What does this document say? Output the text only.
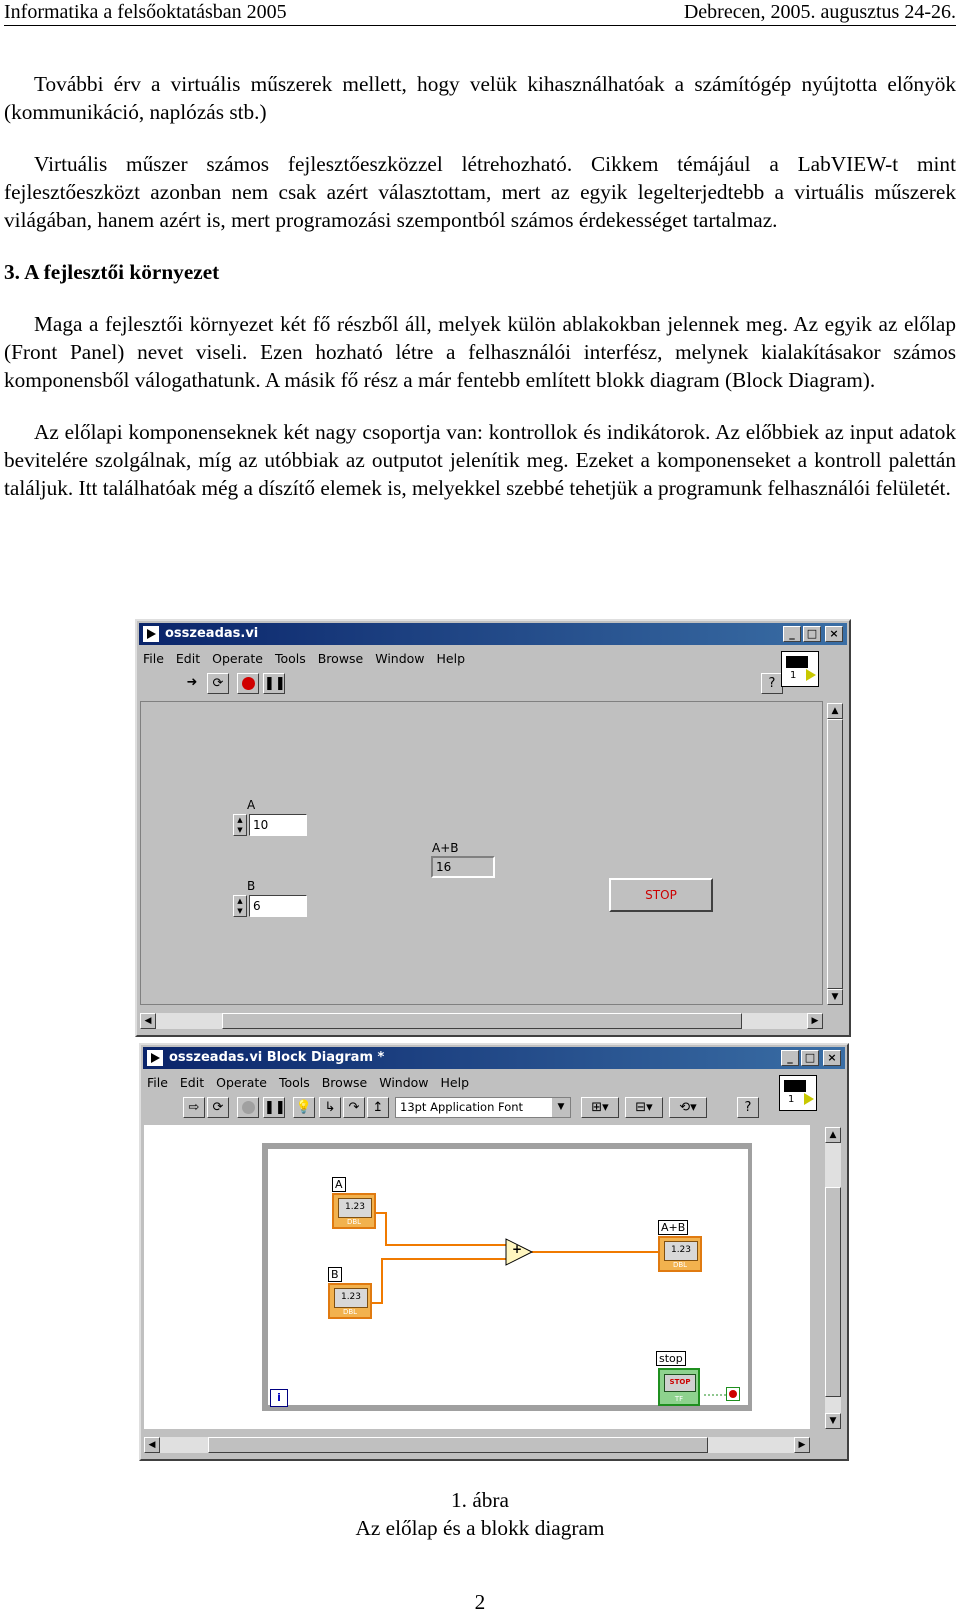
Informatika a felsőoktatásban 2005	Debrecen, 2005. augusztus 24-26.

További érv a virtuális műszerek mellett, hogy velük kihasználhatóak a számítógép nyújtotta előnyök (kommunikáció, naplózás stb.)

Virtuális műszer számos fejlesztőeszközzel létrehozható. Cikkem témájául a LabVIEW-t mint fejlesztőeszközt azonban nem csak azért választottam, mert az egyik legelterjedtebb a virtuális műszerek világában, hanem azért is, mert programozási szempontból számos érdekességet tartalmaz.

3. A fejlesztői környezet

Maga a fejlesztői környezet két fő részből áll, melyek külön ablakokban jelennek meg. Az egyik az előlap (Front Panel) nevet viseli. Ezen hozható létre a felhasználói interfész, melynek kialakításakor számos komponensből válogathatunk. A másik fő rész a már fentebb említett blokk diagram (Block Diagram).

Az előlapi komponenseknek két nagy csoportja van: kontrollok és indikátorok. Az előbbiek az input adatok bevitelére szolgálnak, míg az utóbbiak az outputot jelenítik meg. Ezeket a komponenseket a kontroll palettán találjuk. Itt találhatóak még a díszítő elemek is, melyekkel szebbé tehetjük a programunk felhasználói felületét.

osszeadas.vi	_	□	×
File Edit Operate Tools Browse Window Help
➜	⟳	❚❚	?
1
A
▲
▼ 10
B
▲
▼ 6
A+B
16
STOP
▲
▼
◀	▶
osszeadas.vi Block Diagram *	_	□	×
File Edit Operate Tools Browse Window Help
⇨	⟳	❚❚ 💡 ↳	↷	↥	13pt Application Font	▼	⊞▾	⊟▾	⟲▾	?
1
i
+
A
1.23
DBL
B
1.23
DBL
A+B
1.23
DBL
stop
STOP
TF
▲
▼
◀	▶
1. ábra
Az előlap és a blokk diagram
2
